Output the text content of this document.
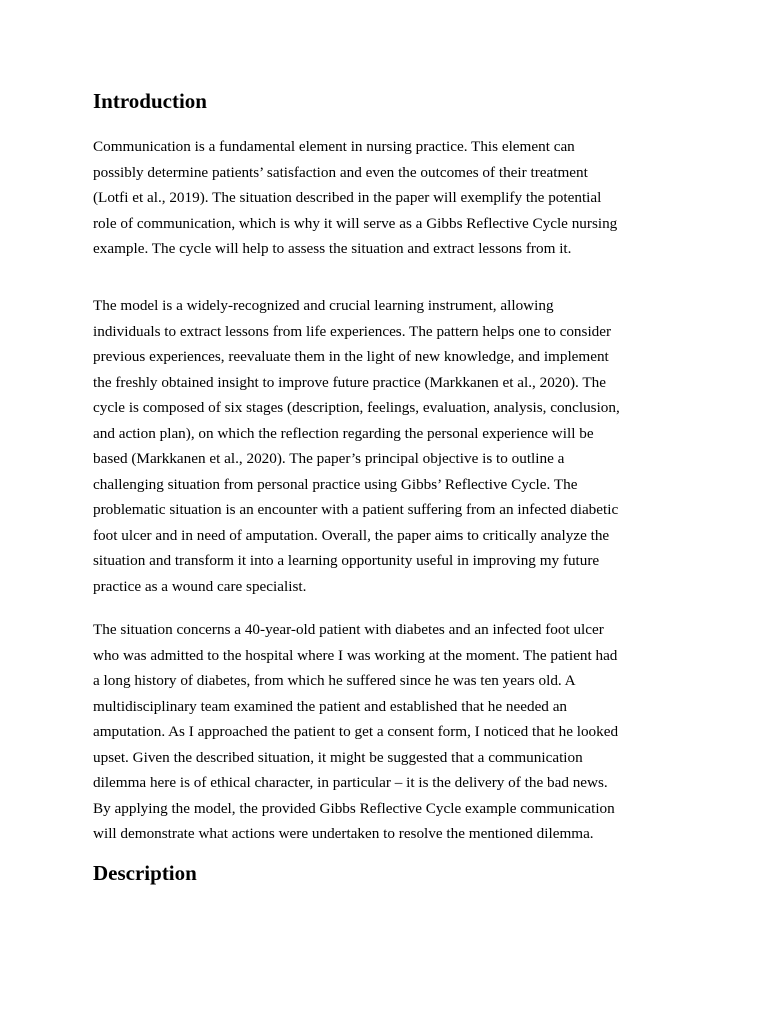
Introduction

Communication is a fundamental element in nursing practice. This element can
possibly determine patients’ satisfaction and even the outcomes of their treatment
(Lotfi et al., 2019). The situation described in the paper will exemplify the potential
role of communication, which is why it will serve as a Gibbs Reflective Cycle nursing
example. The cycle will help to assess the situation and extract lessons from it.

The model is a widely-recognized and crucial learning instrument, allowing
individuals to extract lessons from life experiences. The pattern helps one to consider
previous experiences, reevaluate them in the light of new knowledge, and implement
the freshly obtained insight to improve future practice (Markkanen et al., 2020). The
cycle is composed of six stages (description, feelings, evaluation, analysis, conclusion,
and action plan), on which the reflection regarding the personal experience will be
based (Markkanen et al., 2020). The paper’s principal objective is to outline a
challenging situation from personal practice using Gibbs’ Reflective Cycle. The
problematic situation is an encounter with a patient suffering from an infected diabetic
foot ulcer and in need of amputation. Overall, the paper aims to critically analyze the
situation and transform it into a learning opportunity useful in improving my future
practice as a wound care specialist.

The situation concerns a 40-year-old patient with diabetes and an infected foot ulcer
who was admitted to the hospital where I was working at the moment. The patient had
a long history of diabetes, from which he suffered since he was ten years old. A
multidisciplinary team examined the patient and established that he needed an
amputation. As I approached the patient to get a consent form, I noticed that he looked
upset. Given the described situation, it might be suggested that a communication
dilemma here is of ethical character, in particular – it is the delivery of the bad news.
By applying the model, the provided Gibbs Reflective Cycle example communication
will demonstrate what actions were undertaken to resolve the mentioned dilemma.

Description
